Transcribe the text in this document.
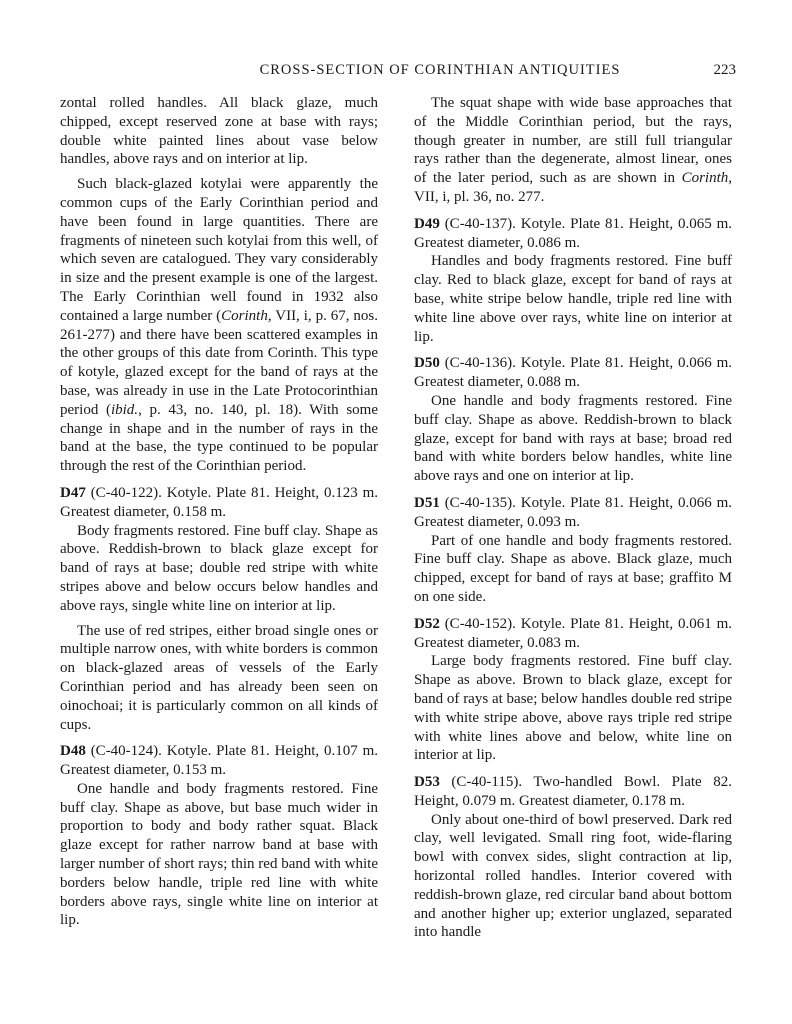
CROSS-SECTION OF CORINTHIAN ANTIQUITIES	223

zontal rolled handles. All black glaze, much chipped, except reserved zone at base with rays; double white painted lines about vase below handles, above rays and on interior at lip.

Such black-glazed kotylai were apparently the common cups of the Early Corinthian period and have been found in large quantities. There are fragments of nineteen such kotylai from this well, of which seven are catalogued. They vary considerably in size and the present example is one of the largest. The Early Corinthian well found in 1932 also contained a large number (Corinth, VII, i, p. 67, nos. 261-277) and there have been scattered examples in the other groups of this date from Corinth. This type of kotyle, glazed except for the band of rays at the base, was already in use in the Late Protocorinthian period (ibid., p. 43, no. 140, pl. 18). With some change in shape and in the number of rays in the band at the base, the type continued to be popular through the rest of the Corinthian period.

D47 (C-40-122). Kotyle. Plate 81. Height, 0.123 m. Greatest diameter, 0.158 m.

Body fragments restored. Fine buff clay. Shape as above. Reddish-brown to black glaze except for band of rays at base; double red stripe with white stripes above and below occurs below handles and above rays, single white line on interior at lip.

The use of red stripes, either broad single ones or multiple narrow ones, with white borders is common on black-glazed areas of vessels of the Early Corinthian period and has already been seen on oinochoai; it is particularly common on all kinds of cups.

D48 (C-40-124). Kotyle. Plate 81. Height, 0.107 m. Greatest diameter, 0.153 m.

One handle and body fragments restored. Fine buff clay. Shape as above, but base much wider in proportion to body and body rather squat. Black glaze except for rather narrow band at base with larger number of short rays; thin red band with white borders below handle, triple red line with white borders above rays, single white line on interior at lip.

The squat shape with wide base approaches that of the Middle Corinthian period, but the rays, though greater in number, are still full triangular rays rather than the degenerate, almost linear, ones of the later period, such as are shown in Corinth, VII, i, pl. 36, no. 277.

D49 (C-40-137). Kotyle. Plate 81. Height, 0.065 m. Greatest diameter, 0.086 m.

Handles and body fragments restored. Fine buff clay. Red to black glaze, except for band of rays at base, white stripe below handle, triple red line with white line above over rays, white line on interior at lip.

D50 (C-40-136). Kotyle. Plate 81. Height, 0.066 m. Greatest diameter, 0.088 m.

One handle and body fragments restored. Fine buff clay. Shape as above. Reddish-brown to black glaze, except for band with rays at base; broad red band with white borders below handles, white line above rays and one on interior at lip.

D51 (C-40-135). Kotyle. Plate 81. Height, 0.066 m. Greatest diameter, 0.093 m.

Part of one handle and body fragments restored. Fine buff clay. Shape as above. Black glaze, much chipped, except for band of rays at base; graffito M on one side.

D52 (C-40-152). Kotyle. Plate 81. Height, 0.061 m. Greatest diameter, 0.083 m.

Large body fragments restored. Fine buff clay. Shape as above. Brown to black glaze, except for band of rays at base; below handles double red stripe with white stripe above, above rays triple red stripe with white lines above and below, white line on interior at lip.

D53 (C-40-115). Two-handled Bowl. Plate 82. Height, 0.079 m. Greatest diameter, 0.178 m.

Only about one-third of bowl preserved. Dark red clay, well levigated. Small ring foot, wide-flaring bowl with convex sides, slight contraction at lip, horizontal rolled handles. Interior covered with reddish-brown glaze, red circular band about bottom and another higher up; exterior unglazed, separated into handle
